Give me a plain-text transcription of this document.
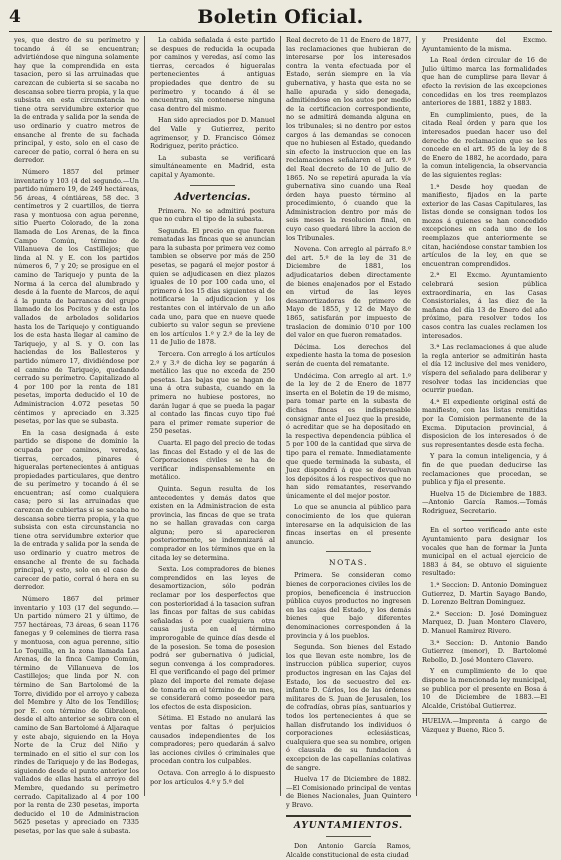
4	Boletin Oficial.

yes, que destro de su perímetro y tocando á él se encuentran; advirtiéndose que ninguna solamente hay que la comprendida en esta tasacion, pero si las arruinadas que carezcan de cubierta si se sacaba no descansa sobre tierra propia, y la que subsista en esta circunstancia no tiene otra servidumbre exterior que la de entrada y salida por la senda de uso ordinario y cuatro metros de ensanche al frente de su fachada principal, y esto, solo en el caso de carecer de patio, corral ó hera en su derredor.

Número 1857 del primer inventario y 103 (4 del segundo.—Un partido número 19, de 249 hectáreas, 56 áreas, 4 céntiáreas, 58 dec. 3 centímetros y 2 cuartillos, de tierra rasa y montuosa con agua perenne, sitio Puerto Colorado, de la zona llamada de Los Arenas, de la finca Campo Común, término de Villanueva de los Castillejos; que linda al N. y E. con los partidos números 6, 7 y 20; se prosigue en el camino de Tariquejo y punta de la Norma á la cerca del alumbrado y desde á la fuente de Marcos, de aquí á la punta de barrancas del grupo llamado de los Pocitos y de esta los vallados de arbolados solidarios hasta los de Tariquejo y contiguando los de esta hasta llegar al camino de Tariquejo, y al S. y O. con las haciendas de los Ballesteros y partido número 17, dividiéndose por el camino de Tariquejo, quedando cerrado su perímetro. Capitalizado al 4 por 100 por la renta de 181 pesetas, importa deducido el 10 de Administracion 4.072 pesetas 50 céntimos y apreciado en 3.325 pesetas, por las que se subasta.

En la casa designada á este partido se dispone de dominio la ocupada por caminos, veredas, tierras, cercados, pinares é higueralas pertenecientes á antiguas propiedades particulares, que dentro de su perímetro y tocando á él se encuentran; así como cualquiera casa; pero si las arruinadas que carezcan de cubiertas si se sacaba no descansa sobre tierra propia, y la que subsista con esta circunstancia no tiene otra servidumbre exterior que la de entrada y salida por la senda de uso ordinario y cuatro metros de ensanche al frente de su fachada principal, y esto, solo en el caso de carecer de patio, corral ó hera en su derredor.

Número 1867 del primer inventario y 103 (17 del segundo.—Un partido número 21 y último, de 757 hectáreas, 73 áreas, 6 sean 1176 fanegas y 9 celemines de tierra rasa y montuosa, con agua perenne, sitio Lo Toquilla, en la zona llamada Las Arenas, de la finca Campo Común, término de Villanueva de los Castillejos; que linda por N. con término de San Bartolomé de la Torre, dividido por el arroyo y cabeza del Membre y Alto de los Tendillos; por E. con término de Gibraleon, desde el alto anterior se sobra con el camino de San Bartolomé á Aljaraque y este abajo, siguiendo en la Hoya Norte de la Cruz del Niño y terminado en el sitio el sur con los rindes de Tariquejo y de las Bodegas, siguiendo desde el punto anterior los vallados de ellas hasta el arroyo del Membre, quedando su perímetro cerrado. Capitalizado al 4 por 100 por la renta de 230 pesetas, importa deducido el 10 de Administracion 5625 pesetas y apreciado en 7335 pesetas, por las que sale á subasta.

La cabida señalada á este partido se despues de reducida la ocupada por caminos y veredas, así como las tierras, cercados é higueralas pertenecientes á antiguas propiedades que dentro de su perímetro y tocando á él se encuentran, sin contenerse ninguna casa dentro del mismo.

Han sido apreciados por D. Manuel del Valle y Gutierrez, perito agrimensor, y D. Francisco Gómez Rodriguez, perito práctico.

La subasta se verificará simultáneamente en Madrid, esta capital y Ayamonte.

Advertencias.

Primera. No se admitirá postura que no cubra el tipo de la subasta.

Segunda. El precio en que fueren rematadas las fincas que se anuncian para la subasta por primera vez como tambien se observe por más de 250 pesetas, se pagará el mejor postor á quien se adjudicasen en diez plazos iguales de 10 por 100 cada uno, el primero á los 15 días siguientes al de notificarse la adjudicacion y los restantes con el intérvalo de un año cada uno, para que en nueve quede cubierto su valor segun se previene en los artículos 1.º y 2.º de la ley de 11 de Julio de 1878.

Tercera. Con arreglo á los artículos 2.º y 3.º de dicha ley se pagarán á metálico las que no exceda de 250 pesetas. Las bajas que se hagan de una á otra subasta, cuando en la primera no hubiese postores, no darán lugar á que se pueda la pagar al contado las fincas cuyo tipo fué para el primer remate superior de 250 pesetas.

Cuarta. El pago del precio de todas las fincas del Estado y el de las de Corporaciones civiles se ha de verificar indispensablemente en metálico.

Quinta. Segun resulta de los antecedentes y demás datos que existen en la Administracion de esta provincia, las fincas de que se trata no se hallan gravadas con carga alguna; pero si aparecieren posteriormente, se indemnizará al comprador en los términos que en la citada ley se determina.

Sexta. Los compradores de bienes comprendidos en las leyes de desamortizacion, sólo podrán reclamar por los desperfectos que con posterioridad á la tasacion sufran las fincas por faltas de sus cabidas señaladas ó por cualquiera otra causa justa en el término improrogable de quince días desde el de la posesion. Se toma de posesion podrá ser gubernativa ó judicial, segun convenga á los compradores. El que verificando el pago del primer plazo del importe del remate dejase de tomarla en el término de un mes, se considerará como poseedor para los efectos de esta disposicion.

Sétima. El Estado no anulará las ventas por faltas ó perjuicios causados independientes de los compradores; pero quedarán á salvo las acciones civiles ó criminales que procedan contra los culpables.

Octava. Con arreglo á lo dispuesto por los artículos 4.º y 5.º del

Real decreto de 11 de Enero de 1877, las reclamaciones que hubieran de interesarse por los interesados contra la venta efectuada por el Estado, serán siempre en la vía gubernativa, y hasta que esta no se halle apurada y sido denegada, admitiéndose en los autos por medio de la certificacion correspondiente, no se admitirá demanda alguna en los tribunales; si no dentro por estos cargos á las demandas se conocen que no hubiesen al Estado, quedando sin efecto la instruccion que en las reclamaciones señalaren el art. 9.º del Real decreto de 10 de Julio de 1865. No se repetirá apurada la vía gubernativa sino cuando una Real órden haya puesto término al procedimiento, ó cuando que la Administracion dentro por más de seis meses la resolucion final, en cuyo caso quedará libre la accion de los Tribunales.

Novena. Con arreglo al párrafo 8.º del art. 5.º de la ley de 31 de Diciembre de 1881, los adjudicatarios deben directamente de bienes enajenados por el Estado en virtud de las leyes desamortizadoras de primero de Mayo de 1855, y 12 de Mayo de 1865, satisfarán por impuesto de traslacion de dominio 0'10 por 100 del valor en que fueron rematados.

Décima. Los derechos del expediente hasta la toma de posesion serán de cuenta del rematante.

Undécima. Con arreglo al art. 1.º de la ley de 2 de Enero de 1877 inserta en el Boletin de 19 de mismo, para tomar parte en la subasta de dichas fincas es indispensable consignar ante el Juez que la preside, ó acreditar que se ha depositado en la respectiva dependencia pública el 5 por 100 de la cantidad que sirva de tipo para el remate. Inmediatamente que quede terminada la subasta, el Juez dispondrá á que se devuelvan los depósitos á los respectivos que no han sido rematantes, reservando únicamente el del mejor postor.

Lo que se anuncia al público para conocimiento de los que quieran interesarse en la adquisicion de las fincas insertas en el presente anuncio.

NOTAS.

Primera. Se consideran como bienes de corporaciones civiles los de propios, beneficencia é instruccion pública cuyos productos no ingresen en las cajas del Estado, y los demás bienes que bajo diferentes denominaciones corresponden á la provincia y á los pueblos.

Segunda. Son bienes del Estado los que llevan este nombre, los de instruccion pública superior, cuyos productos ingresan en las Cajas del Estado, los de secuestro del ex-infante D. Cárlos, los de las órdenes militares de S. Juan de Jerusalen, los de cofradías, obras pías, santuarios y todos los pertenecientes á que se hallan disfrutando los individuos ó corporaciones eclesiásticas, cualquiera que sea su nombre, origen ó clausula de su fundacion á excepcion de las capellanías colativas de sangre.

Huelva 17 de Diciembre de 1882. —El Comisionado principal de ventas de Bienes Nacionales, Juan Quintero y Bravo.

AYUNTAMIENTOS.

Don Antonio García Ramos, Alcalde constitucional de esta ciudad

y Presidente del Excmo. Ayuntamiento de la misma.

La Real órden circular de 16 de Julio último marca las formalidades que han de cumplirse para llevar á efecto la revision de las excepciones concedidas en los tres reemplazos anteriores de 1881, 1882 y 1883.

En cumplimiento, pues, de la citada Real órden y para que los interesados puedan hacer uso del derecho de reclamacion que se les concede en el art. 95 de la ley de 8 de Enero de 1882, he acordado, para la comun inteligencia, la observancia de las siguientes reglas:

1.ª Desde hoy quedan de manifiesto, fijados en la parte exterior de las Casas Capitulares, las listas donde se consignan todos los mozos á quienes se han concedido excepciones en cada uno de los reemplazos que anteriormente se citan, haciéndose constar tambien los artículos de la ley, en que se encuentran comprendidos.

2.ª El Excmo. Ayuntamiento celebrará sesion pública extraordinaria, en las Casas Consistoriales, á las diez de la mañana del día 13 de Enero del año próximo, para resolver todos los casos contra las cuales reclamen los interesados.

3.ª Las reclamaciones á que alude la regla anterior se admitirán hasta el día 12 inclusive del mes venidero, víspera del señalado para deliberar y resolver todas las incidencias que ocurrir puedan.

4.ª El expediente original está de manifiesto, con las listas remitidas por la Comision permanente de la Excma. Diputacion provincial, á disposicion de los interesados ó de sus representantes desde esta fecha.

Y para la comun inteligencia, y á fin de que puedan deducirse las reclamaciones que procedan, se publica y fija el presente.

Huelva 15 de Diciembre de 1883. —Antonio García Ramos.—Tomás Rodriguez, Secretario.

En el sorteo verificado ante este Ayuntamiento para designar los vocales que han de formar la Junta municipal en el actual ejercicio de 1883 á 84, se obtuvo el siguiente resultado:

1.ª Seccion: D. Antonio Dominguez Gutierrez, D. Martin Sayago Bando, D. Lorenzo Beltran Dominguez.

2.ª Seccion: D. José Dominguez Marquez, D. Juan Montero Clavero, D. Manuel Ramirez Rivero.

3.ª Seccion: D. Antonio Bando Gutierrez (menor), D. Bartolomé Rebollo, D. José Montero Clavero.

Y en cumplimiento de lo que dispone la mencionada ley municipal, se publica por el presente en Bosa á 10 de Diciembre de 1883.—El Alcalde, Cristóbal Gutierrez.

HUELVA.—Imprenta á cargo de Vázquez y Bueno, Rico 5.
